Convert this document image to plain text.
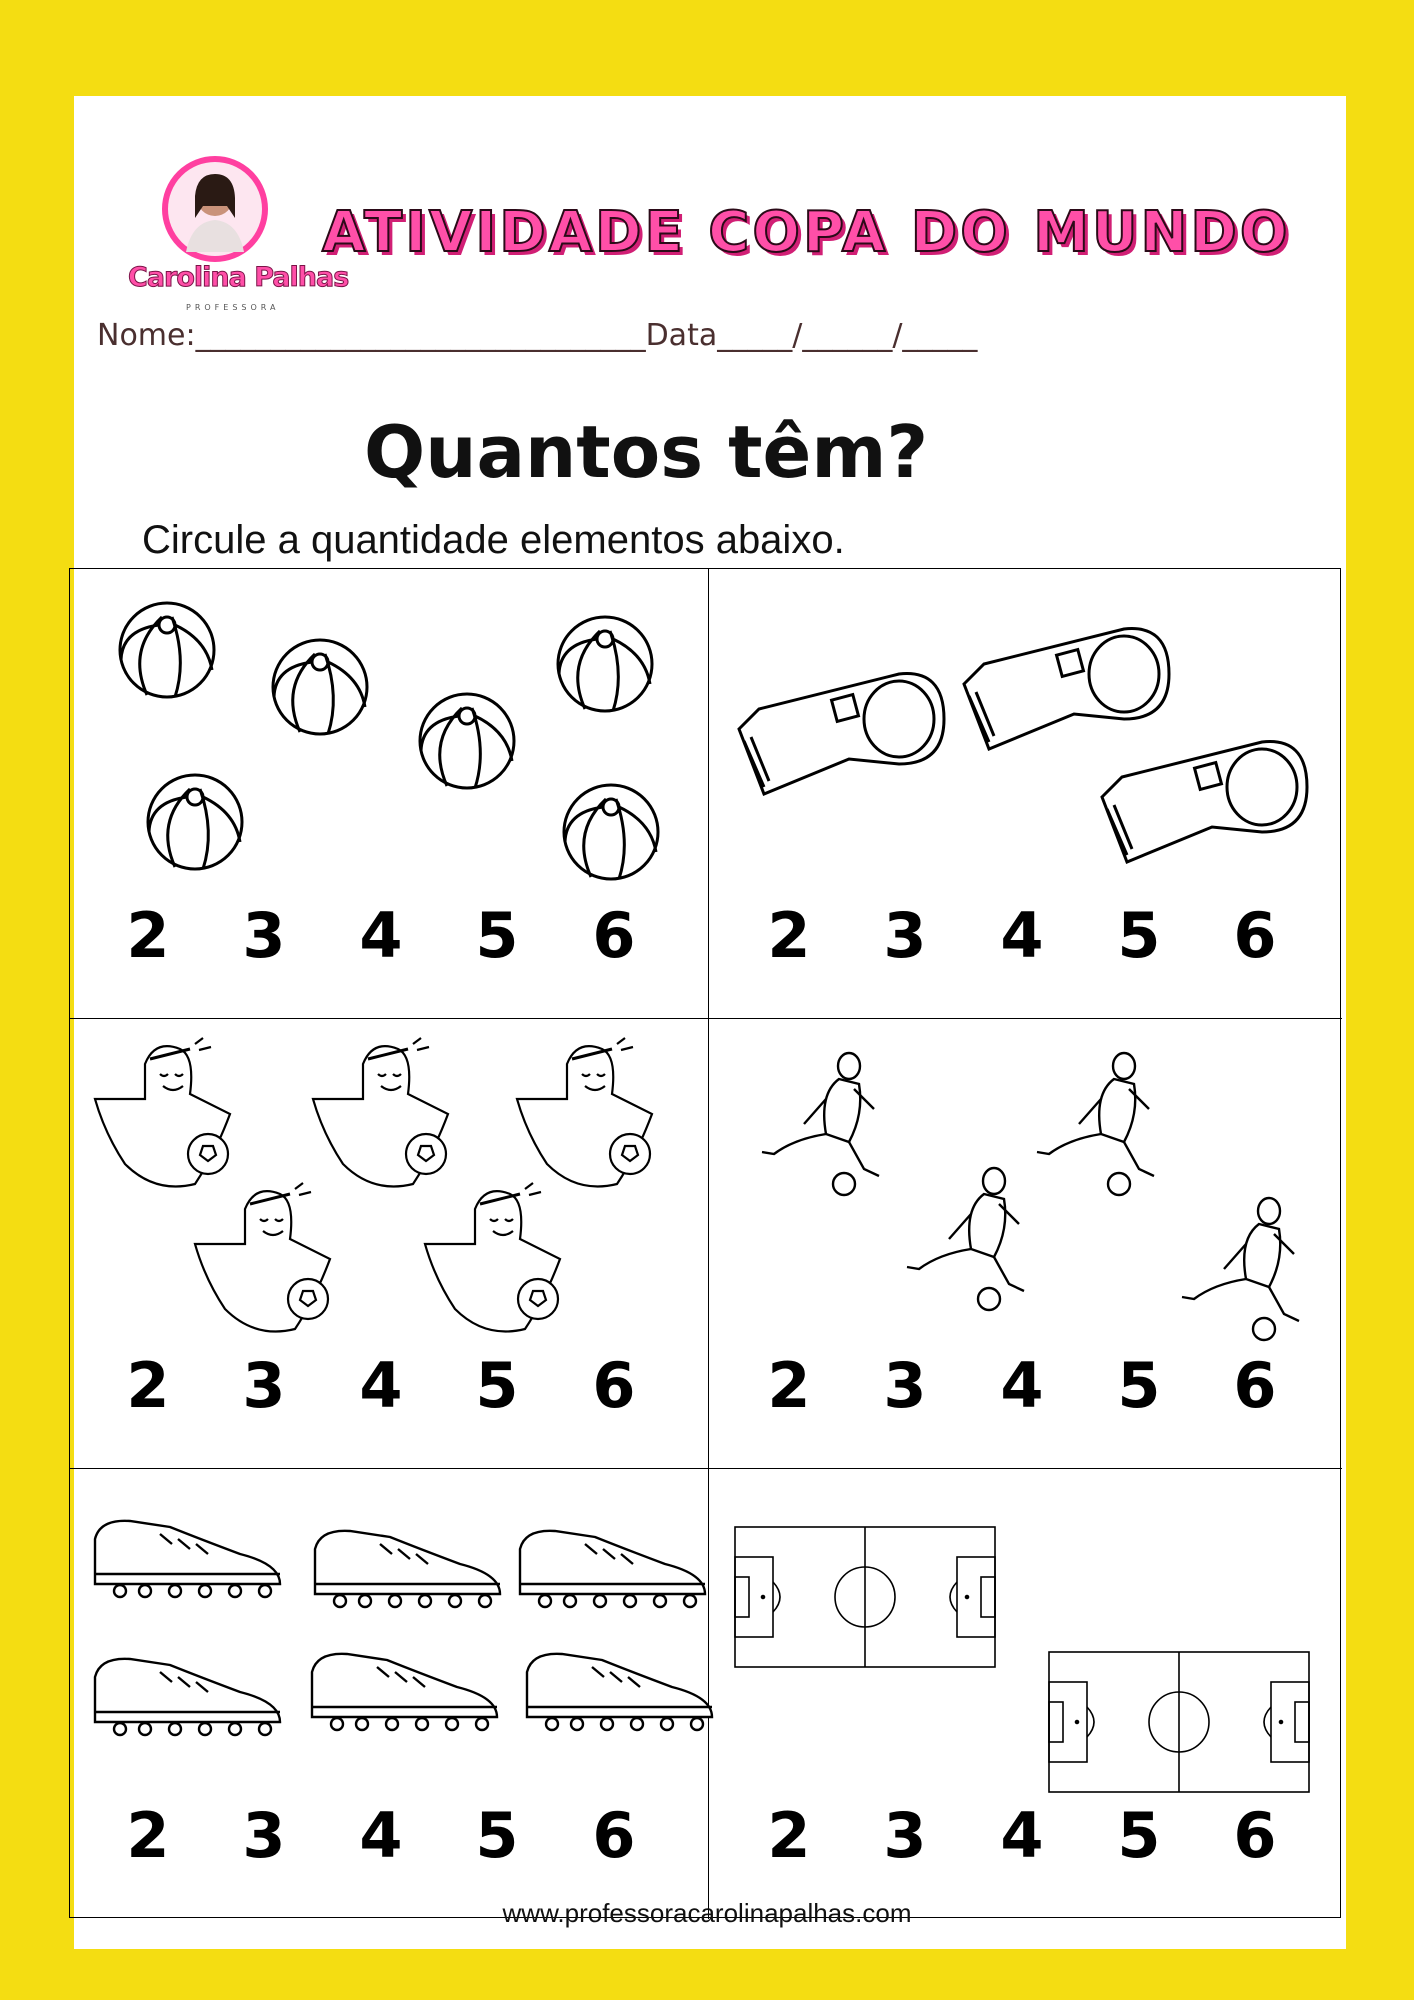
Carolina Palhas
PROFESSORA
ATIVIDADE COPA DO MUNDO
Nome:______________________________Data_____/______/_____
Quantos têm?
Circule a quantidade elementos abaixo.
2 3 4 5 6 2 3 4 5 6
2 3 4 5 6 2 3 4 5 6
2 3 4 5 6 2 3 4 5 6
www.professoracarolinapalhas.com
